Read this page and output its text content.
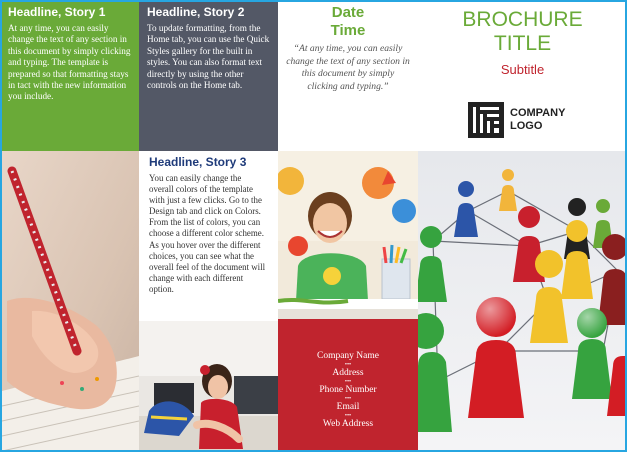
Headline, Story 1

At any time, you can easily change the text of any section in this document by simply clicking and typing. The template is prepared so that formatting stays in tact with the new information you include.

Headline, Story 2

To update formatting, from the Home tab, you can use the Quick Styles gallery for the built in styles. You can also format text directly by using the other controls on the Home tab.

Date
Time
“At any time, you can easily change the text of any section in this document by simply clicking and typing.”
BROCHURE
TITLE
Subtitle
COMPANY
LOGO

Headline, Story 3

You can easily change the overall colors of the template with just a few clicks. Go to the Design tab and click on Colors. From the list of colors, you can choose a different color scheme. As you hover over the different choices, you can see what the overall feel of the document will change with each different option.

Company Name
•••
Address
•••
Phone Number
•••
Email
•••
Web Address
